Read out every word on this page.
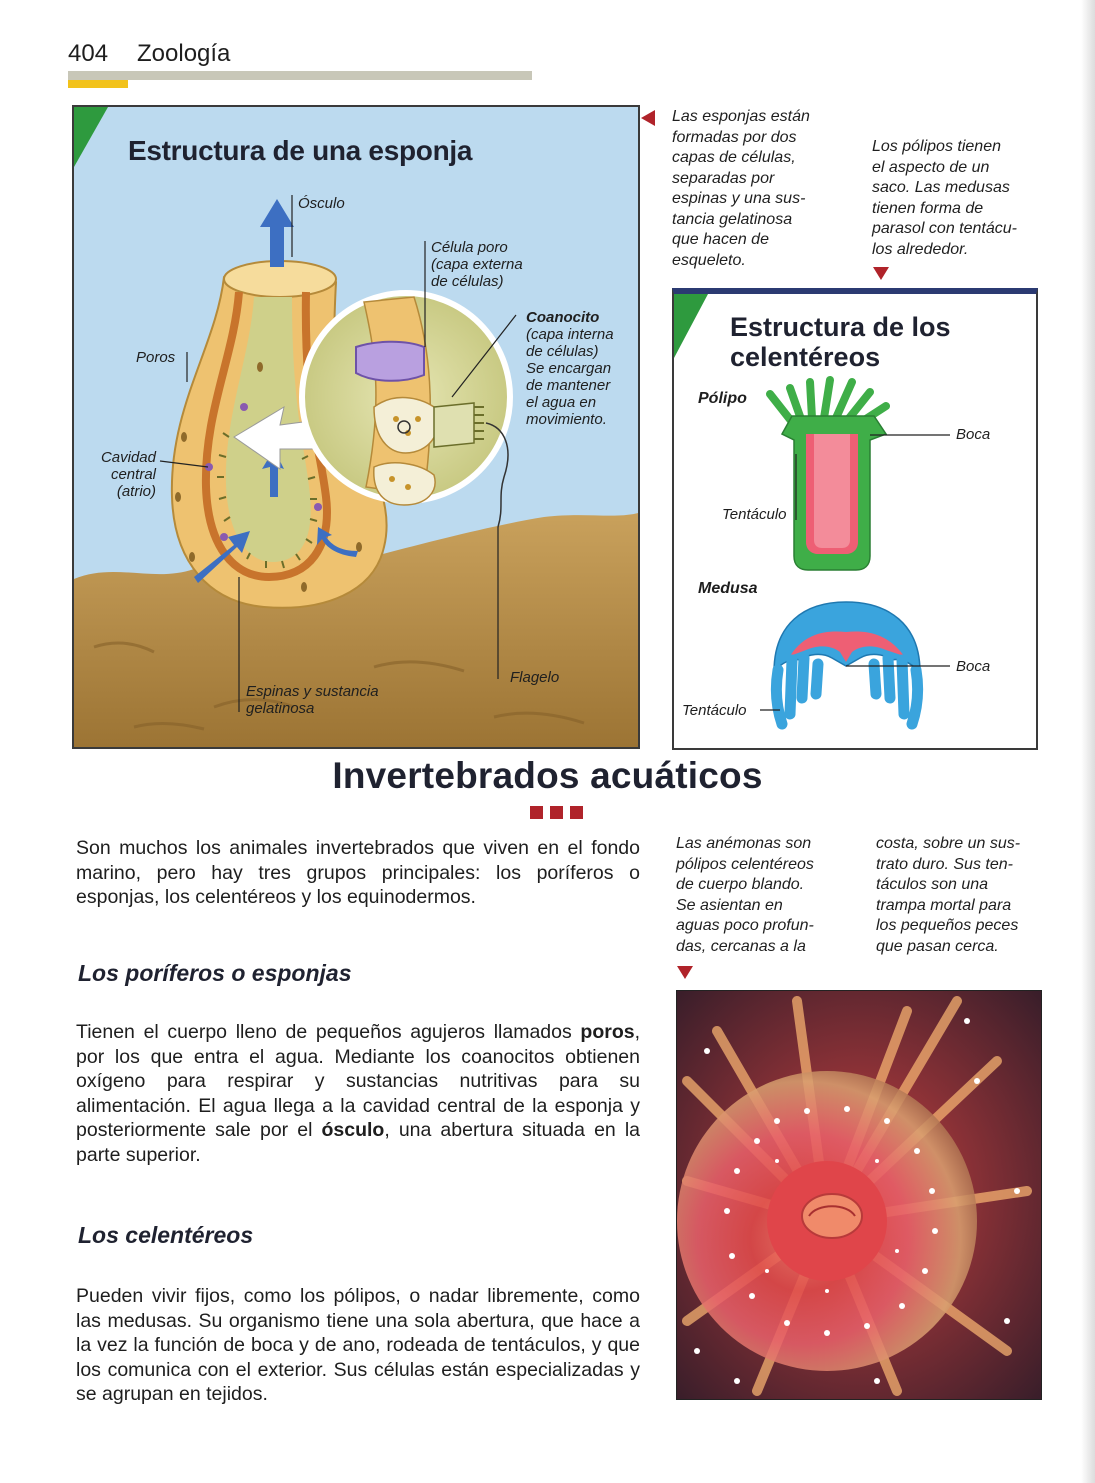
404 Zoología
Estructura de una esponja
Ósculo
Célula poro
(capa externa
de células)
Coanocito
(capa interna
de células)
Se encargan
de mantener
el agua en
movimiento.
Poros
Cavidad
central
(atrio)
Flagelo
Espinas y sustancia
gelatinosa
Las esponjas están
formadas por dos
capas de células,
separadas por
espinas y una sus-
tancia gelatinosa
que hacen de
esqueleto.
Los pólipos tienen
el aspecto de un
saco. Las medusas
tienen forma de
parasol con tentácu-
los alrededor.
Estructura de los
celentéreos
Pólipo
Boca
Tentáculo
Medusa
Boca
Tentáculo
Invertebrados acuáticos
Son muchos los animales invertebrados que viven en el fondo marino, pero hay tres grupos principales: los poríferos o esponjas, los celentéreos y los equinodermos.
Los poríferos o esponjas
Tienen el cuerpo lleno de pequeños agujeros llamados poros, por los que entra el agua. Mediante los coanocitos obtienen oxígeno para respirar y sustancias nutritivas para su alimentación. El agua llega a la cavidad central de la esponja y posteriormente sale por el ósculo, una abertura situada en la parte superior.
Los celentéreos
Pueden vivir fijos, como los pólipos, o nadar libremente, como las medusas. Su organismo tiene una sola abertura, que hace a la vez la función de boca y de ano, rodeada de tentáculos, y que los comunica con el exterior. Sus células están especializadas y se agrupan en tejidos.
Las anémonas son
pólipos celentéreos
de cuerpo blando.
Se asientan en
aguas poco profun-
das, cercanas a la
costa, sobre un sus-
trato duro. Sus ten-
táculos son una
trampa mortal para
los pequeños peces
que pasan cerca.
